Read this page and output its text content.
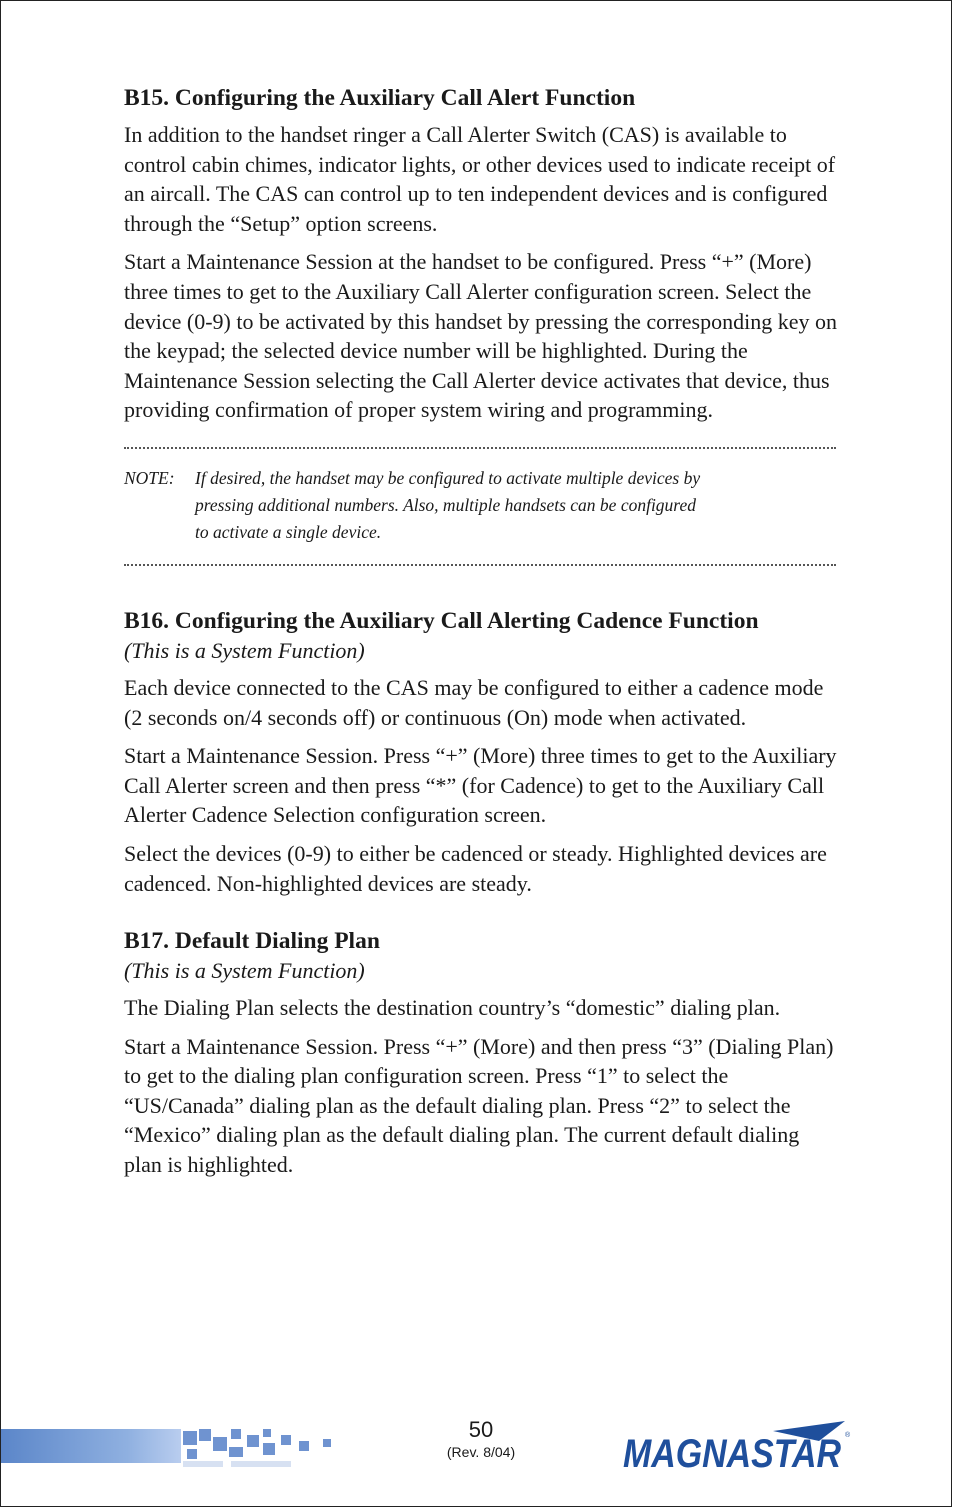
B15. Configuring the Auxiliary Call Alert Function

In addition to the handset ringer a Call Alerter Switch (CAS) is available to control cabin chimes, indicator lights, or other devices used to indicate receipt of an aircall. The CAS can control up to ten independent devices and is configured through the “Setup” option screens.

Start a Maintenance Session at the handset to be configured. Press “+” (More) three times to get to the Auxiliary Call Alerter configuration screen. Select the device (0-9) to be activated by this handset by pressing the corresponding key on the keypad; the selected device number will be highlighted. During the Maintenance Session selecting the Call Alerter device activates that device, thus providing confirmation of proper system wiring and programming.

NOTE:	If desired, the handset may be configured to activate multiple devices by
pressing additional numbers. Also, multiple handsets can be configured
to activate a single device.
B16. Configuring the Auxiliary Call Alerting Cadence Function
(This is a System Function)

Each device connected to the CAS may be configured to either a cadence mode (2 seconds on/4 seconds off) or continuous (On) mode when activated.

Start a Maintenance Session. Press “+” (More) three times to get to the Auxiliary Call Alerter screen and then press “*” (for Cadence) to get to the Auxiliary Call Alerter Cadence Selection configuration screen.

Select the devices (0-9) to either be cadenced or steady. Highlighted devices are cadenced. Non-highlighted devices are steady.

B17. Default Dialing Plan
(This is a System Function)

The Dialing Plan selects the destination country’s “domestic” dialing plan.

Start a Maintenance Session. Press “+” (More) and then press “3” (Dialing Plan) to get to the dialing plan configuration screen. Press “1” to select the “US/Canada” dialing plan as the default dialing plan. Press “2” to select the “Mexico” dialing plan as the default dialing plan. The current default dialing plan is highlighted.

50
(Rev. 8/04)	MAGNASTAR ®
